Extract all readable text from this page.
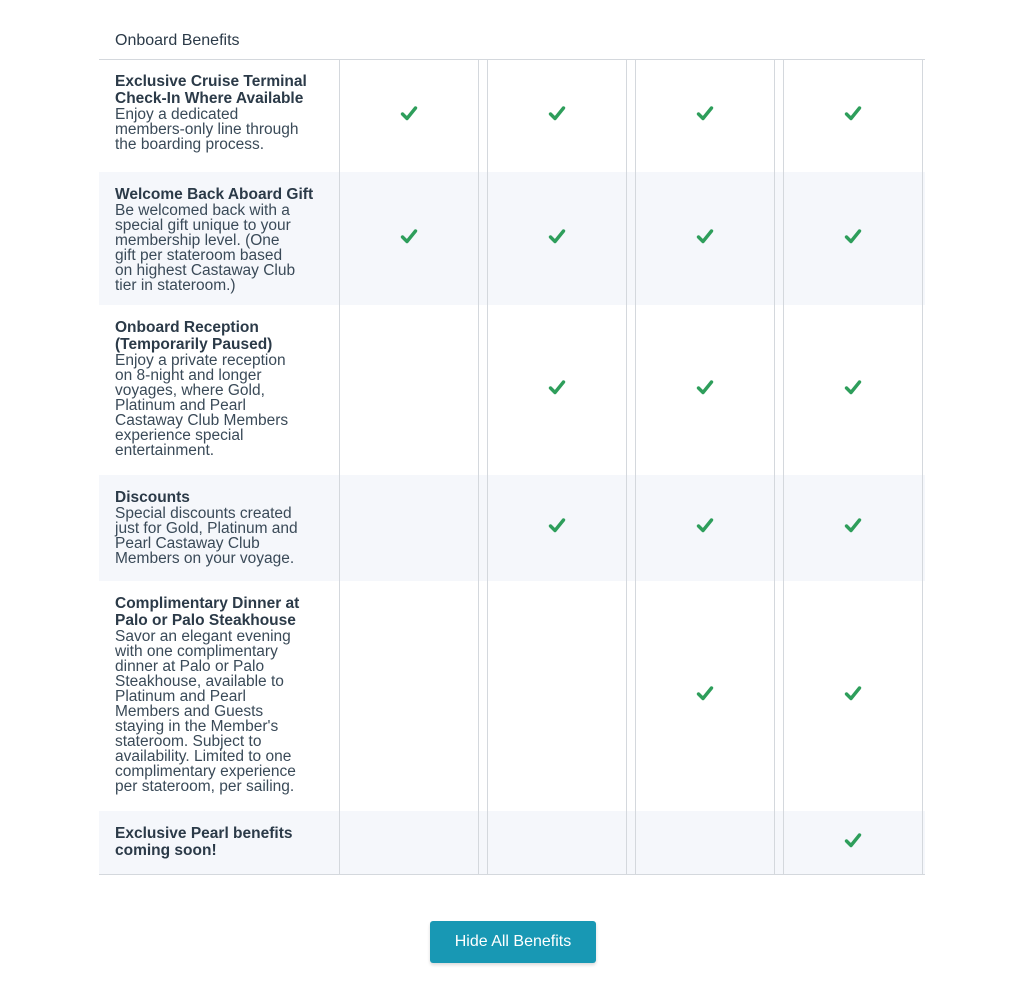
Onboard Benefits
Exclusive Cruise Terminal
Check-In Where Available
Enjoy a dedicated
members-only line through
the boarding process.
Welcome Back Aboard Gift
Be welcomed back with a
special gift unique to your
membership level. (One
gift per stateroom based
on highest Castaway Club
tier in stateroom.)
Onboard Reception
(Temporarily Paused)
Enjoy a private reception
on 8-night and longer
voyages, where Gold,
Platinum and Pearl
Castaway Club Members
experience special
entertainment.
Discounts
Special discounts created
just for Gold, Platinum and
Pearl Castaway Club
Members on your voyage.
Complimentary Dinner at
Palo or Palo Steakhouse
Savor an elegant evening
with one complimentary
dinner at Palo or Palo
Steakhouse, available to
Platinum and Pearl
Members and Guests
staying in the Member's
stateroom. Subject to
availability. Limited to one
complimentary experience
per stateroom, per sailing.
Exclusive Pearl benefits
coming soon!
Hide All Benefits
